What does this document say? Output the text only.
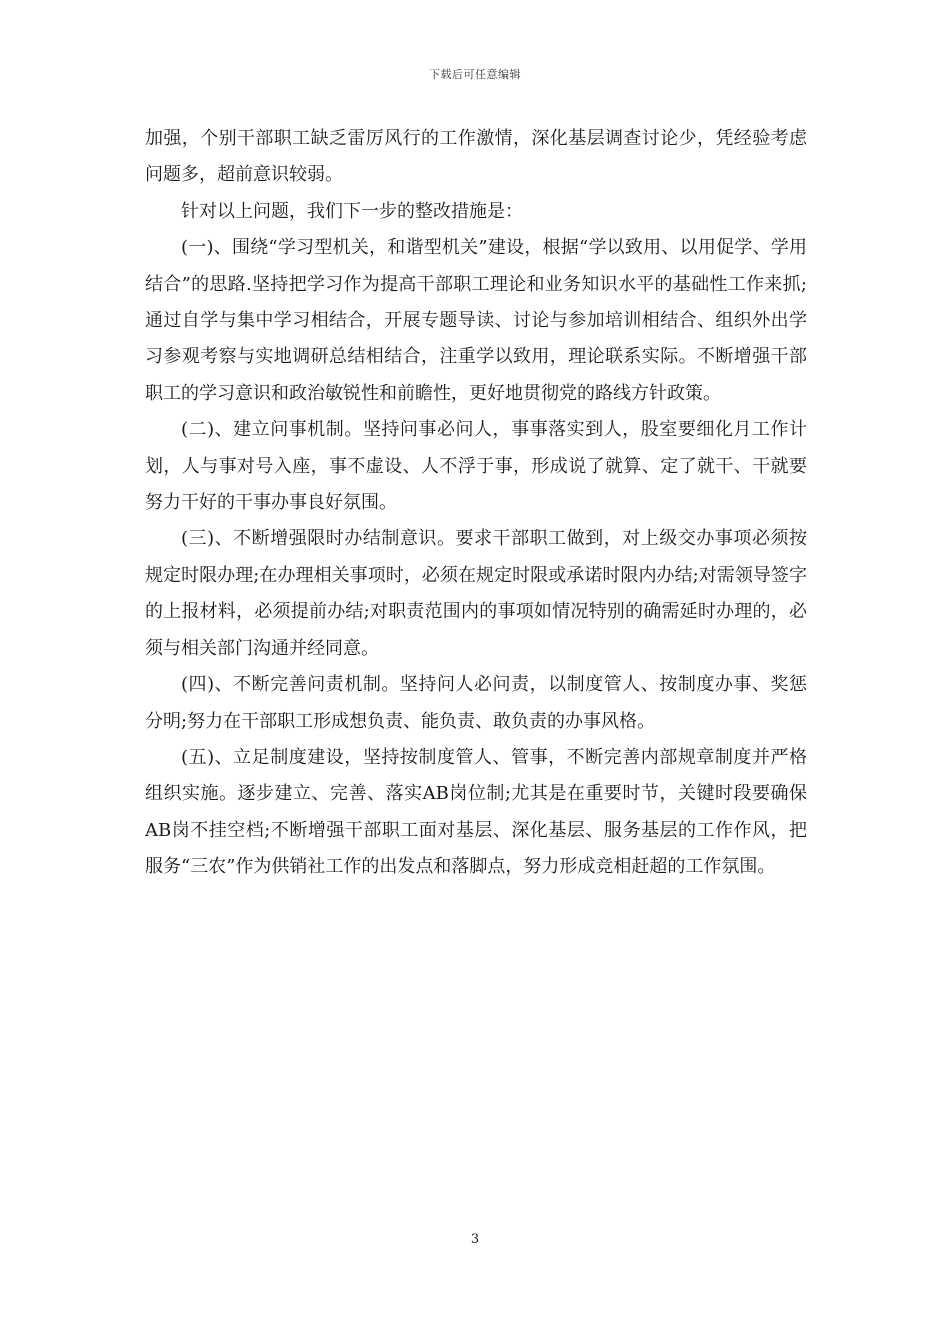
下载后可任意编辑

加强，个别干部职工缺乏雷厉风行的工作激情，深化基层调查讨论少，凭经验考虑问题多，超前意识较弱。

针对以上问题，我们下一步的整改措施是：

(一)、围绕“学习型机关，和谐型机关”建设，根据“学以致用、以用促学、学用结合”的思路.坚持把学习作为提高干部职工理论和业务知识水平的基础性工作来抓;通过自学与集中学习相结合，开展专题导读、讨论与参加培训相结合、组织外出学习参观考察与实地调研总结相结合，注重学以致用，理论联系实际。不断增强干部职工的学习意识和政治敏锐性和前瞻性，更好地贯彻党的路线方针政策。

(二)、建立问事机制。坚持问事必问人，事事落实到人，股室要细化月工作计划，人与事对号入座，事不虚设、人不浮于事，形成说了就算、定了就干、干就要努力干好的干事办事良好氛围。

(三)、不断增强限时办结制意识。要求干部职工做到，对上级交办事项必须按规定时限办理;在办理相关事项时，必须在规定时限或承诺时限内办结;对需领导签字的上报材料，必须提前办结;对职责范围内的事项如情况特别的确需延时办理的，必须与相关部门沟通并经同意。

(四)、不断完善问责机制。坚持问人必问责，以制度管人、按制度办事、奖惩分明;努力在干部职工形成想负责、能负责、敢负责的办事风格。

(五)、立足制度建设，坚持按制度管人、管事，不断完善内部规章制度并严格组织实施。逐步建立、完善、落实AB岗位制;尤其是在重要时节，关键时段要确保AB岗不挂空档;不断增强干部职工面对基层、深化基层、服务基层的工作作风，把服务“三农”作为供销社工作的出发点和落脚点，努力形成竞相赶超的工作氛围。

3
